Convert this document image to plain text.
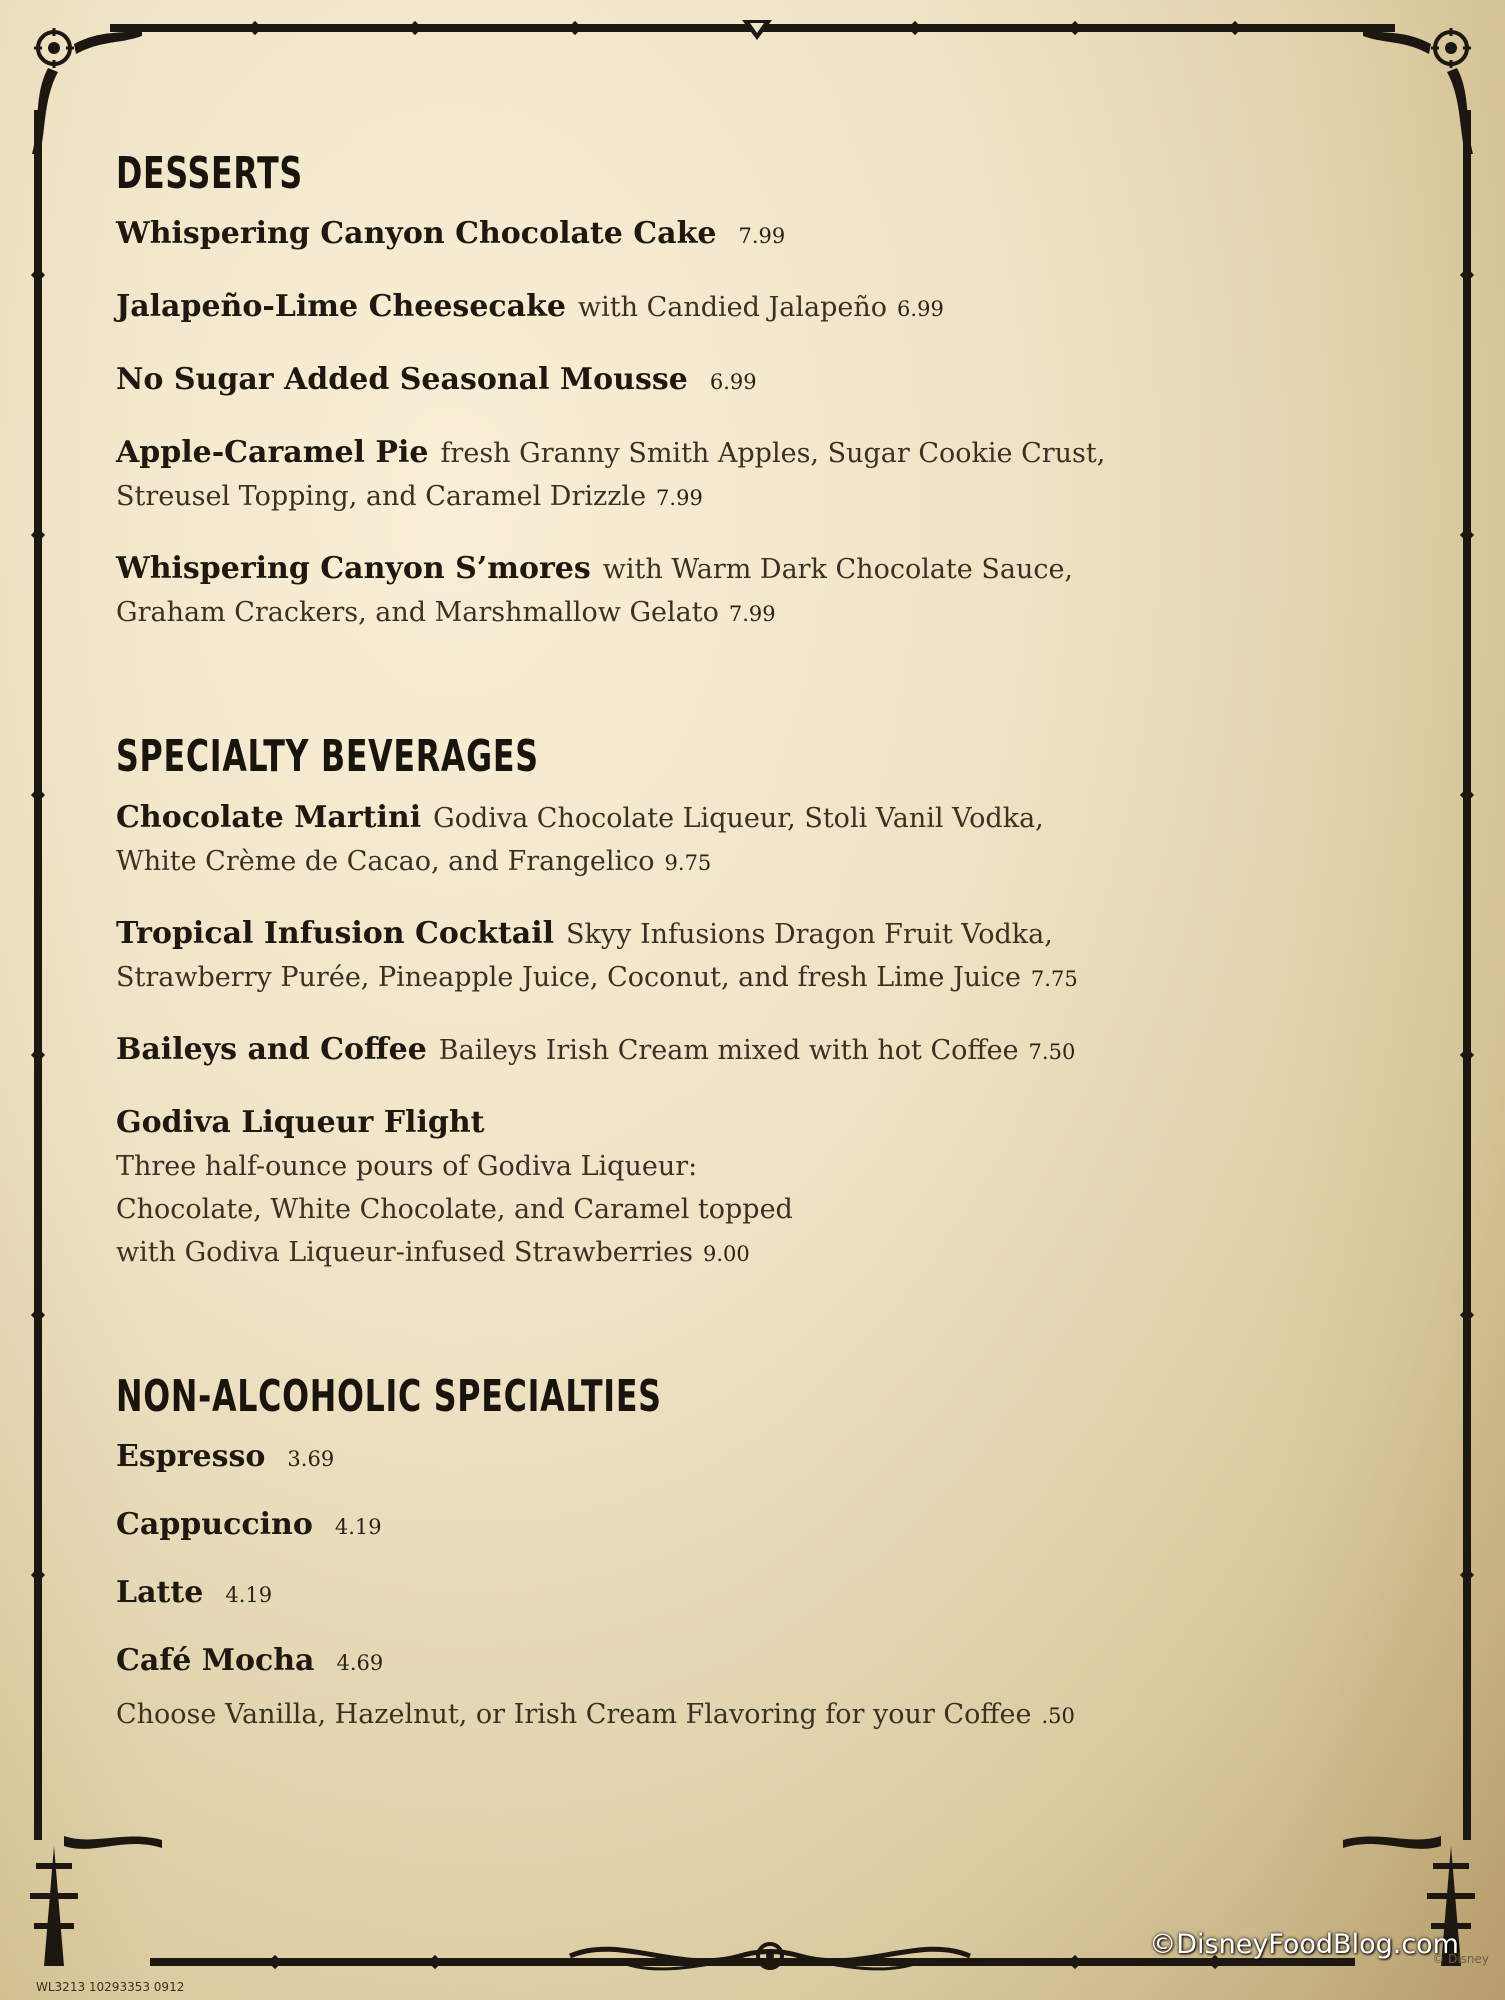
DESSERTS
Whispering Canyon Chocolate Cake 7.99
Jalapeño-Lime Cheesecake with Candied Jalapeño 6.99
No Sugar Added Seasonal Mousse 6.99
Apple-Caramel Pie fresh Granny Smith Apples, Sugar Cookie Crust,
Streusel Topping, and Caramel Drizzle 7.99
Whispering Canyon S’mores with Warm Dark Chocolate Sauce,
Graham Crackers, and Marshmallow Gelato 7.99
SPECIALTY BEVERAGES
Chocolate Martini Godiva Chocolate Liqueur, Stoli Vanil Vodka,
White Crème de Cacao, and Frangelico 9.75
Tropical Infusion Cocktail Skyy Infusions Dragon Fruit Vodka,
Strawberry Purée, Pineapple Juice, Coconut, and fresh Lime Juice 7.75
Baileys and Coffee Baileys Irish Cream mixed with hot Coffee 7.50
Godiva Liqueur Flight
Three half-ounce pours of Godiva Liqueur:
Chocolate, White Chocolate, and Caramel topped
with Godiva Liqueur-infused Strawberries 9.00
NON-ALCOHOLIC SPECIALTIES
Espresso 3.69
Cappuccino 4.19
Latte 4.19
Café Mocha 4.69
Choose Vanilla, Hazelnut, or Irish Cream Flavoring for your Coffee .50
WL3213 10293353 0912
©DisneyFoodBlog.com
© Disney
